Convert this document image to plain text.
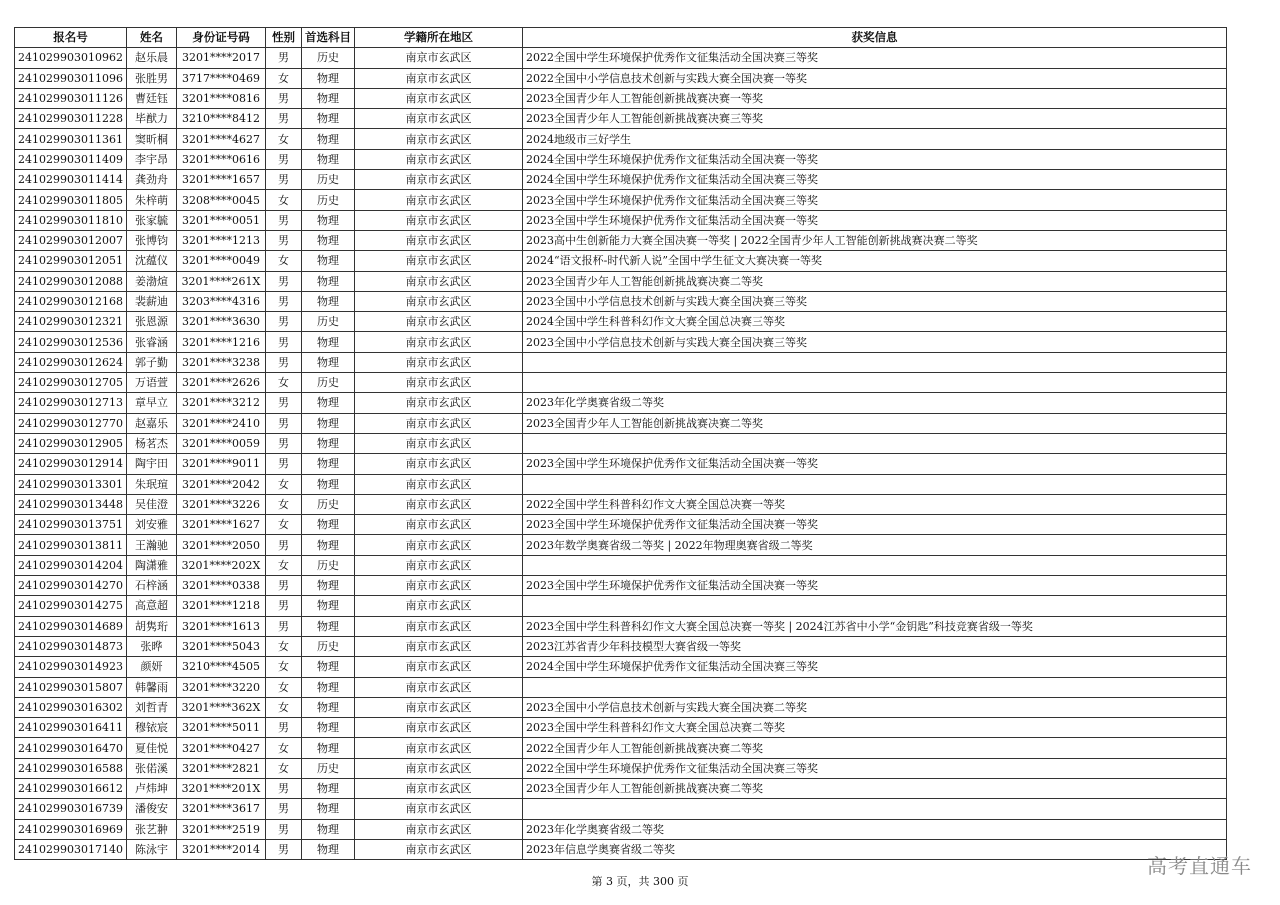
报名号	姓名	身份证号码	性别	首选科目	学籍所在地区	获奖信息
241029903010962	赵乐晨	3201****2017	男	历史	南京市玄武区	2022全国中学生环境保护优秀作文征集活动全国决赛三等奖
241029903011096	张胜男	3717****0469	女	物理	南京市玄武区	2022全国中小学信息技术创新与实践大赛全国决赛一等奖
241029903011126	曹廷钰	3201****0816	男	物理	南京市玄武区	2023全国青少年人工智能创新挑战赛决赛一等奖
241029903011228	毕猷力	3210****8412	男	物理	南京市玄武区	2023全国青少年人工智能创新挑战赛决赛三等奖
241029903011361	窦昕桐	3201****4627	女	物理	南京市玄武区	2024地级市三好学生
241029903011409	李宇昂	3201****0616	男	物理	南京市玄武区	2024全国中学生环境保护优秀作文征集活动全国决赛一等奖
241029903011414	龚劲舟	3201****1657	男	历史	南京市玄武区	2024全国中学生环境保护优秀作文征集活动全国决赛三等奖
241029903011805	朱梓萌	3208****0045	女	历史	南京市玄武区	2023全国中学生环境保护优秀作文征集活动全国决赛三等奖
241029903011810	张家毓	3201****0051	男	物理	南京市玄武区	2023全国中学生环境保护优秀作文征集活动全国决赛一等奖
241029903012007	张博钧	3201****1213	男	物理	南京市玄武区	2023高中生创新能力大赛全国决赛一等奖 | 2022全国青少年人工智能创新挑战赛决赛二等奖
241029903012051	沈蕴仪	3201****0049	女	物理	南京市玄武区	2024“语文报杯-时代新人说”全国中学生征文大赛决赛一等奖
241029903012088	姜渤煊	3201****261X	男	物理	南京市玄武区	2023全国青少年人工智能创新挑战赛决赛二等奖
241029903012168	裴薪迪	3203****4316	男	物理	南京市玄武区	2023全国中小学信息技术创新与实践大赛全国决赛三等奖
241029903012321	张恩源	3201****3630	男	历史	南京市玄武区	2024全国中学生科普科幻作文大赛全国总决赛三等奖
241029903012536	张睿涵	3201****1216	男	物理	南京市玄武区	2023全国中小学信息技术创新与实践大赛全国决赛三等奖
241029903012624	郭子勤	3201****3238	男	物理	南京市玄武区	
241029903012705	万语萱	3201****2626	女	历史	南京市玄武区	
241029903012713	章早立	3201****3212	男	物理	南京市玄武区	2023年化学奥赛省级二等奖
241029903012770	赵嘉乐	3201****2410	男	物理	南京市玄武区	2023全国青少年人工智能创新挑战赛决赛二等奖
241029903012905	杨茗杰	3201****0059	男	物理	南京市玄武区	
241029903012914	陶宇田	3201****9011	男	物理	南京市玄武区	2023全国中学生环境保护优秀作文征集活动全国决赛一等奖
241029903013301	朱珉瑄	3201****2042	女	物理	南京市玄武区	
241029903013448	吴佳澄	3201****3226	女	历史	南京市玄武区	2022全国中学生科普科幻作文大赛全国总决赛一等奖
241029903013751	刘安雅	3201****1627	女	物理	南京市玄武区	2023全国中学生环境保护优秀作文征集活动全国决赛一等奖
241029903013811	王瀚驰	3201****2050	男	物理	南京市玄武区	2023年数学奥赛省级二等奖 | 2022年物理奥赛省级二等奖
241029903014204	陶潇雅	3201****202X	女	历史	南京市玄武区	
241029903014270	石梓涵	3201****0338	男	物理	南京市玄武区	2023全国中学生环境保护优秀作文征集活动全国决赛一等奖
241029903014275	高意超	3201****1218	男	物理	南京市玄武区	
241029903014689	胡隽珩	3201****1613	男	物理	南京市玄武区	2023全国中学生科普科幻作文大赛全国总决赛一等奖 | 2024江苏省中小学“金钥匙”科技竞赛省级一等奖
241029903014873	张晔	3201****5043	女	历史	南京市玄武区	2023江苏省青少年科技模型大赛省级一等奖
241029903014923	颜妍	3210****4505	女	物理	南京市玄武区	2024全国中学生环境保护优秀作文征集活动全国决赛三等奖
241029903015807	韩馨雨	3201****3220	女	物理	南京市玄武区	
241029903016302	刘哲青	3201****362X	女	物理	南京市玄武区	2023全国中小学信息技术创新与实践大赛全国决赛二等奖
241029903016411	穆铱宸	3201****5011	男	物理	南京市玄武区	2023全国中学生科普科幻作文大赛全国总决赛二等奖
241029903016470	夏佳悦	3201****0427	女	物理	南京市玄武区	2022全国青少年人工智能创新挑战赛决赛二等奖
241029903016588	张偌溪	3201****2821	女	历史	南京市玄武区	2022全国中学生环境保护优秀作文征集活动全国决赛三等奖
241029903016612	卢炜坤	3201****201X	男	物理	南京市玄武区	2023全国青少年人工智能创新挑战赛决赛二等奖
241029903016739	潘俊安	3201****3617	男	物理	南京市玄武区	
241029903016969	张艺翀	3201****2519	男	物理	南京市玄武区	2023年化学奥赛省级二等奖
241029903017140	陈泳宇	3201****2014	男	物理	南京市玄武区	2023年信息学奥赛省级二等奖
第 3 页，共 300 页
高考直通车
